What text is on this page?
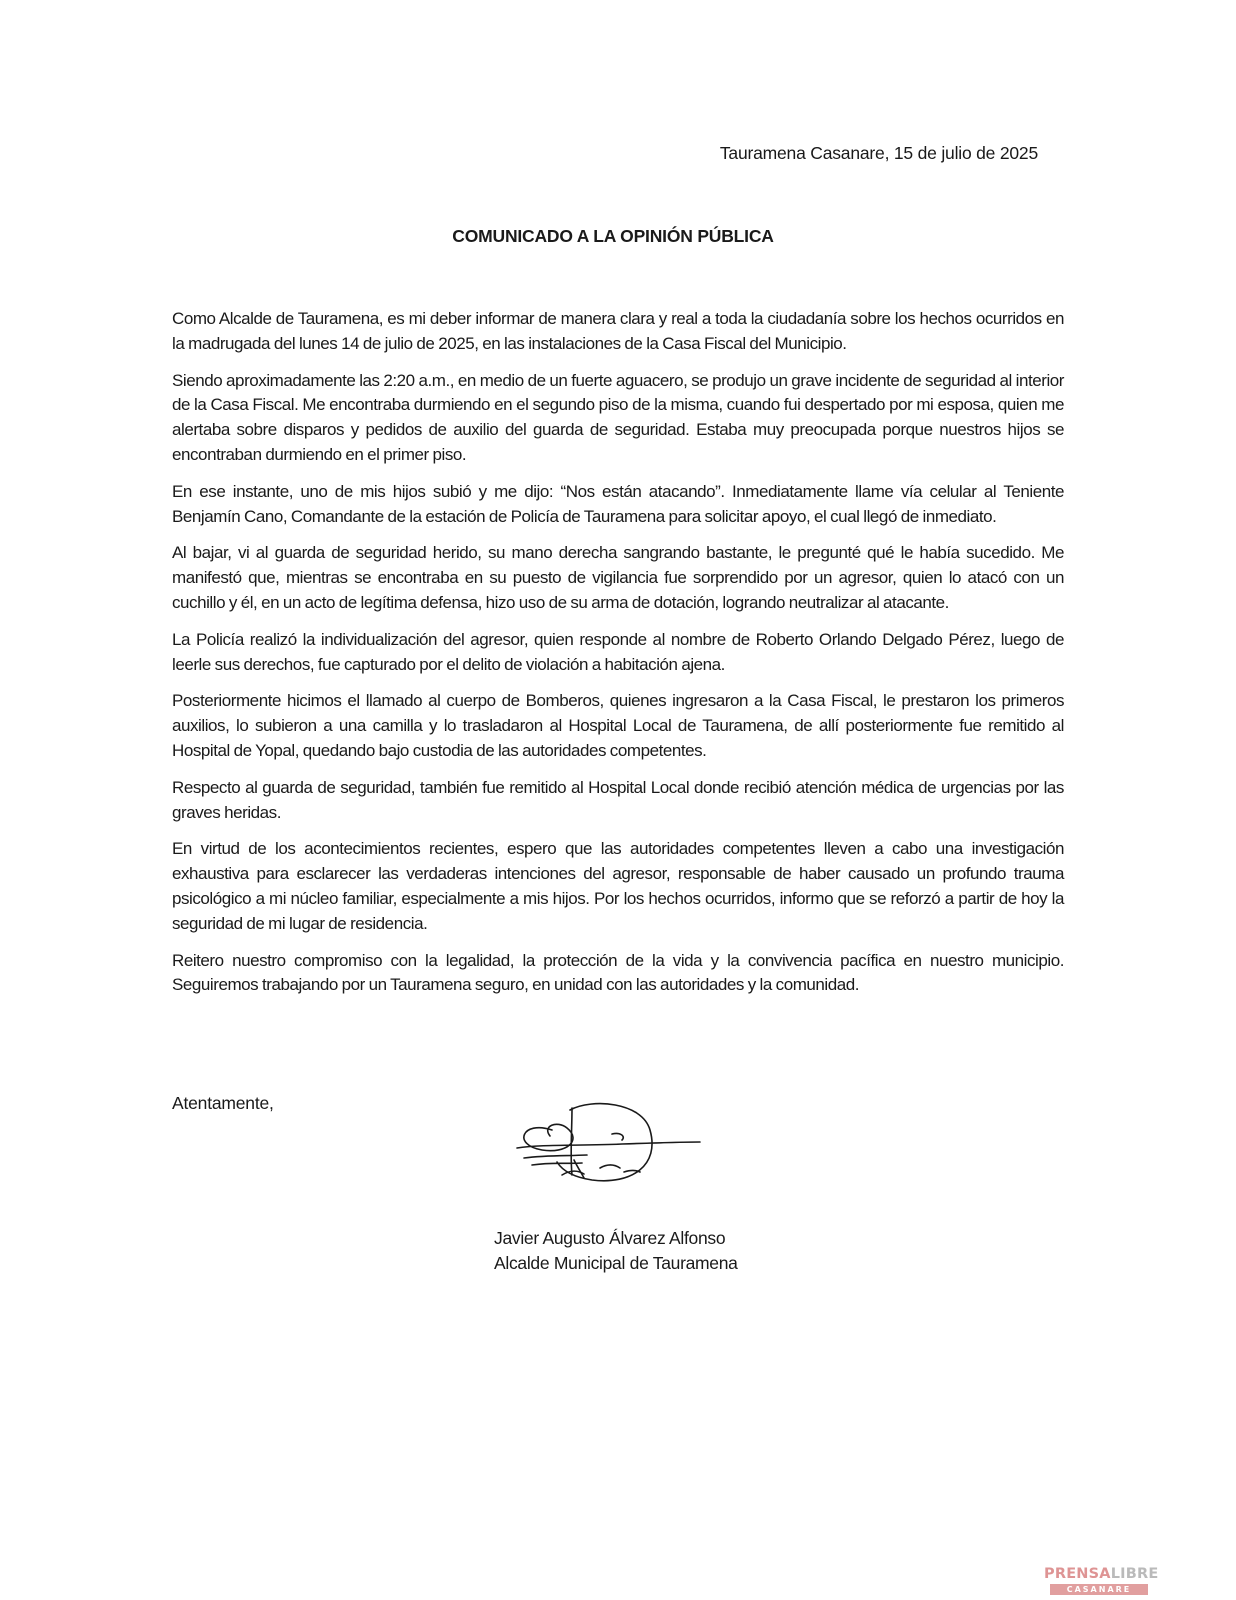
Tauramena Casanare, 15 de julio de 2025
COMUNICADO A LA OPINIÓN PÚBLICA

Como Alcalde de Tauramena, es mi deber informar de manera clara y real a toda la ciudadanía sobre los hechos ocurridos en la madrugada del lunes 14 de julio de 2025, en las instalaciones de la Casa Fiscal del Municipio.

Siendo aproximadamente las 2:20 a.m., en medio de un fuerte aguacero, se produjo un grave incidente de seguridad al interior de la Casa Fiscal. Me encontraba durmiendo en el segundo piso de la misma, cuando fui despertado por mi esposa, quien me alertaba sobre disparos y pedidos de auxilio del guarda de seguridad. Estaba muy preocupada porque nuestros hijos se encontraban durmiendo en el primer piso.

En ese instante, uno de mis hijos subió y me dijo: “Nos están atacando”. Inmediatamente llame vía celular al Teniente Benjamín Cano, Comandante de la estación de Policía de Tauramena para solicitar apoyo, el cual llegó de inmediato.

Al bajar, vi al guarda de seguridad herido, su mano derecha sangrando bastante, le pregunté qué le había sucedido. Me manifestó que, mientras se encontraba en su puesto de vigilancia fue sorprendido por un agresor, quien lo atacó con un cuchillo y él, en un acto de legítima defensa, hizo uso de su arma de dotación, logrando neutralizar al atacante.

La Policía realizó la individualización del agresor, quien responde al nombre de Roberto Orlando Delgado Pérez, luego de leerle sus derechos, fue capturado por el delito de violación a habitación ajena.

Posteriormente hicimos el llamado al cuerpo de Bomberos, quienes ingresaron a la Casa Fiscal, le prestaron los primeros auxilios, lo subieron a una camilla y lo trasladaron al Hospital Local de Tauramena, de allí posteriormente fue remitido al Hospital de Yopal, quedando bajo custodia de las autoridades competentes.

Respecto al guarda de seguridad, también fue remitido al Hospital Local donde recibió atención médica de urgencias por las graves heridas.

En virtud de los acontecimientos recientes, espero que las autoridades competentes lleven a cabo una investigación exhaustiva para esclarecer las verdaderas intenciones del agresor, responsable de haber causado un profundo trauma psicológico a mi núcleo familiar, especialmente a mis hijos. Por los hechos ocurridos, informo que se reforzó a partir de hoy la seguridad de mi lugar de residencia.

Reitero nuestro compromiso con la legalidad, la protección de la vida y la convivencia pacífica en nuestro municipio. Seguiremos trabajando por un Tauramena seguro, en unidad con las autoridades y la comunidad.

Atentamente,
Javier Augusto Álvarez Alfonso
Alcalde Municipal de Tauramena
PRENSALIBRE
CASANARE
